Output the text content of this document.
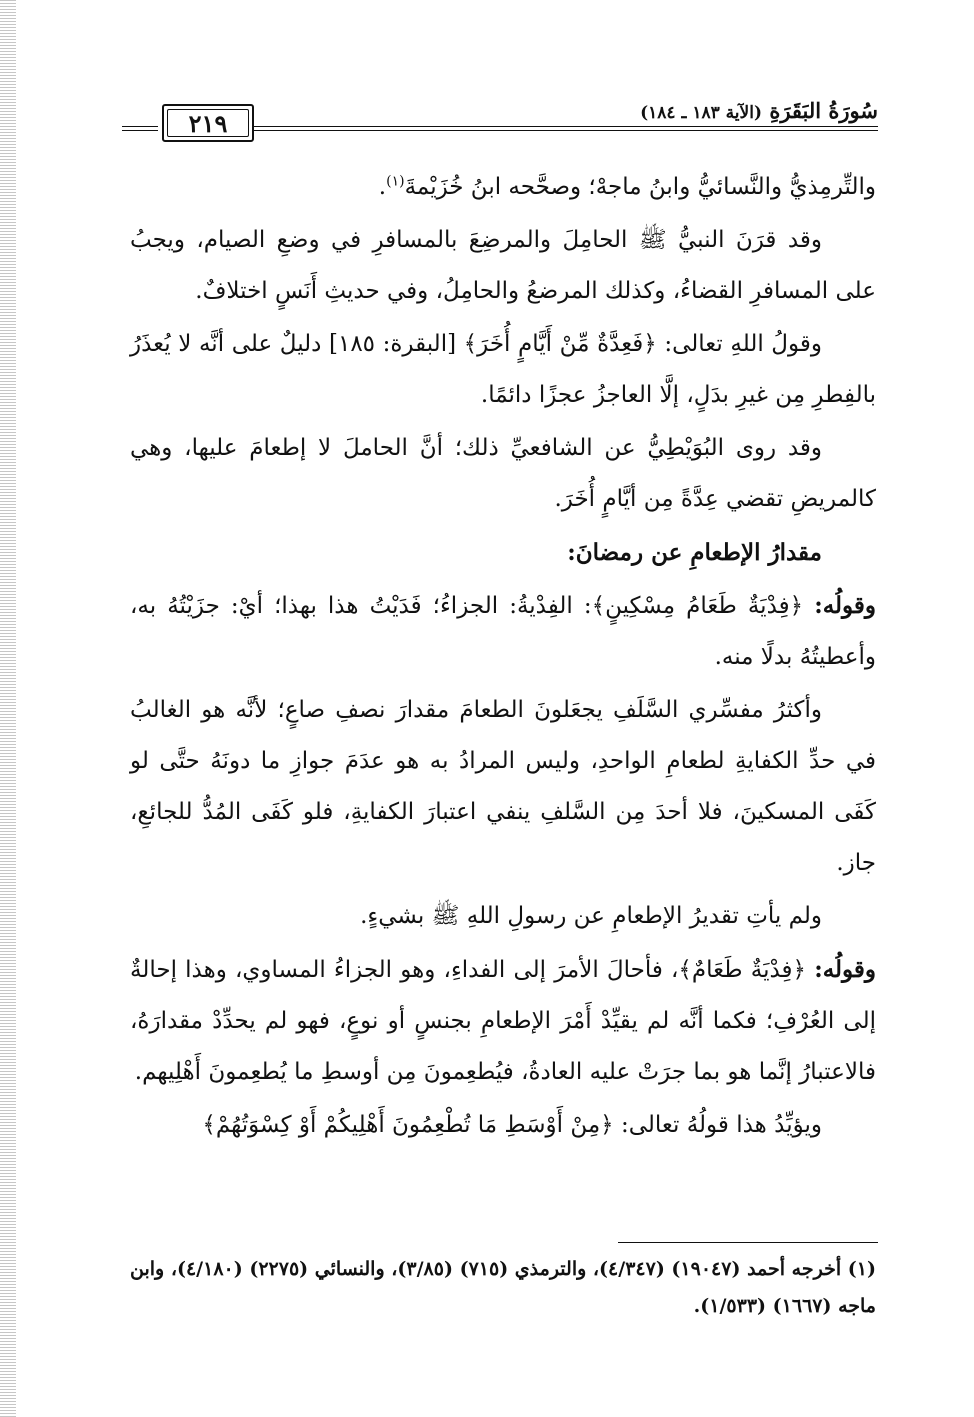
سُورَةُ البَقَرَةِ (الآية ١٨٣ ـ ١٨٤)
٢١٩

والتِّرمِذيُّ والنَّسائيُّ وابنُ ماجهْ؛ وصحَّحه ابنُ خُزَيْمةَ$^{(١)}$.

وقد قرَنَ النبيُّ ﷺ الحامِلَ والمرضِعَ بالمسافرِ في وضعِ الصيام، ويجبُ على المسافرِ القضاءُ، وكذلك المرضعُ والحامِلُ، وفي حديثِ أَنَسٍ اختلافٌ.

وقولُ اللهِ تعالى: ﴿فَعِدَّةٌ مِّنْ أَيَّامٍ أُخَرَ﴾ [البقرة: ١٨٥] دليلٌ على أنَّه لا يُعذَرُ بالفِطرِ مِن غيرِ بدَلٍ، إلَّا العاجزُ عجزًا دائمًا.

وقد روى البُوَيْطِيُّ عن الشافعيِّ ذلك؛ أنَّ الحاملَ لا إطعامَ عليها، وهي كالمريضِ تقضي عِدَّةً مِن أيَّامٍ أُخَرَ.

مقدارُ الإطعامِ عن رمضانَ:

وقولُه: ﴿فِدْيَةٌ طَعَامُ مِسْكِينٍ﴾: الفِدْيةُ: الجزاءُ؛ فَدَيْتُ هذا بهذا؛ أيْ: جزَيْتُهُ به، وأعطيتُهُ بدلًا منه.

وأكثرُ مفسِّري السَّلَفِ يجعَلونَ الطعامَ مقدارَ نصفِ صاعٍ؛ لأنَّه هو الغالبُ في حدِّ الكفايةِ لطعامِ الواحدِ، وليس المرادُ به هو عدَمَ جوازِ ما دونَهُ حتَّى لو كَفَى المسكينَ، فلا أحدَ مِن السَّلفِ ينفي اعتبارَ الكفايةِ، فلو كَفَى المُدُّ للجائعِ، جاز.

ولم يأتِ تقديرُ الإطعامِ عن رسولِ اللهِ ﷺ بشيءٍ.

وقولُه: ﴿فِدْيَةٌ طَعَامٌ﴾، فأحالَ الأمرَ إلى الفداءِ، وهو الجزاءُ المساوي، وهذا إحالةٌ إلى العُرْفِ؛ فكما أنَّه لم يقيِّدْ أَمْرَ الإطعامِ بجنسٍ أو نوعٍ، فهو لم يحدِّدْ مقدارَهُ، فالاعتبارُ إنَّما هو بما جرَتْ عليه العادةُ، فيُطعِمونَ مِن أوسطِ ما يُطعِمونَ أَهْلِيهم.

ويؤيِّدُ هذا قولُهُ تعالى: ﴿مِنْ أَوْسَطِ مَا تُطْعِمُونَ أَهْلِيكُمْ أَوْ كِسْوَتُهُمْ﴾

(١) أخرجه أحمد (١٩٠٤٧) (٤/٣٤٧)، والترمذي (٧١٥) (٣/٨٥)، والنسائي (٢٢٧٥) (٤/١٨٠)، وابن ماجه (١٦٦٧) (١/٥٣٣).
